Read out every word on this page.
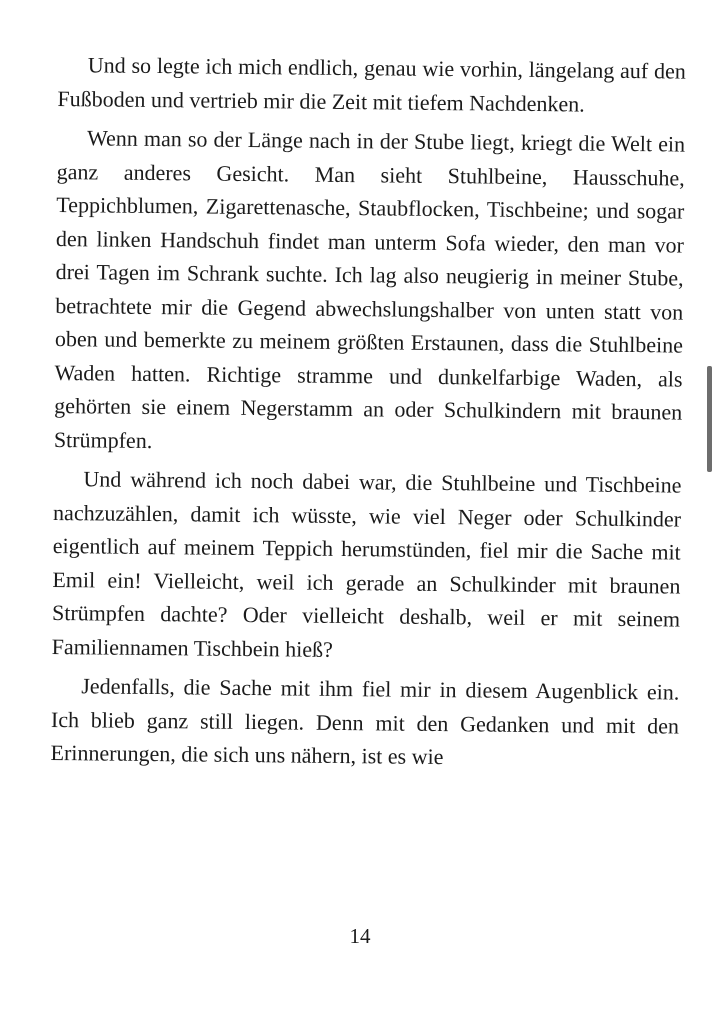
Und so legte ich mich endlich, genau wie vorhin, längelang auf den Fußboden und vertrieb mir die Zeit mit tiefem Nachdenken.

Wenn man so der Länge nach in der Stube liegt, kriegt die Welt ein ganz anderes Gesicht. Man sieht Stuhlbeine, Hausschuhe, Teppichblumen, Zigarettenasche, Staubflocken, Tischbeine; und sogar den linken Handschuh findet man unterm Sofa wieder, den man vor drei Tagen im Schrank suchte. Ich lag also neugierig in meiner Stube, betrachtete mir die Gegend abwechslungshalber von unten statt von oben und bemerkte zu meinem größten Erstaunen, dass die Stuhlbeine Waden hatten. Richtige stramme und dunkelfarbige Waden, als gehörten sie einem Negerstamm an oder Schulkindern mit braunen Strümpfen.

Und während ich noch dabei war, die Stuhlbeine und Tischbeine nachzuzählen, damit ich wüsste, wie viel Neger oder Schulkinder eigentlich auf meinem Teppich herumstünden, fiel mir die Sache mit Emil ein! Vielleicht, weil ich gerade an Schulkinder mit braunen Strümpfen dachte? Oder vielleicht deshalb, weil er mit seinem Familiennamen Tischbein hieß?

Jedenfalls, die Sache mit ihm fiel mir in diesem Augenblick ein. Ich blieb ganz still liegen. Denn mit den Gedanken und mit den Erinnerungen, die sich uns nähern, ist es wie

14
